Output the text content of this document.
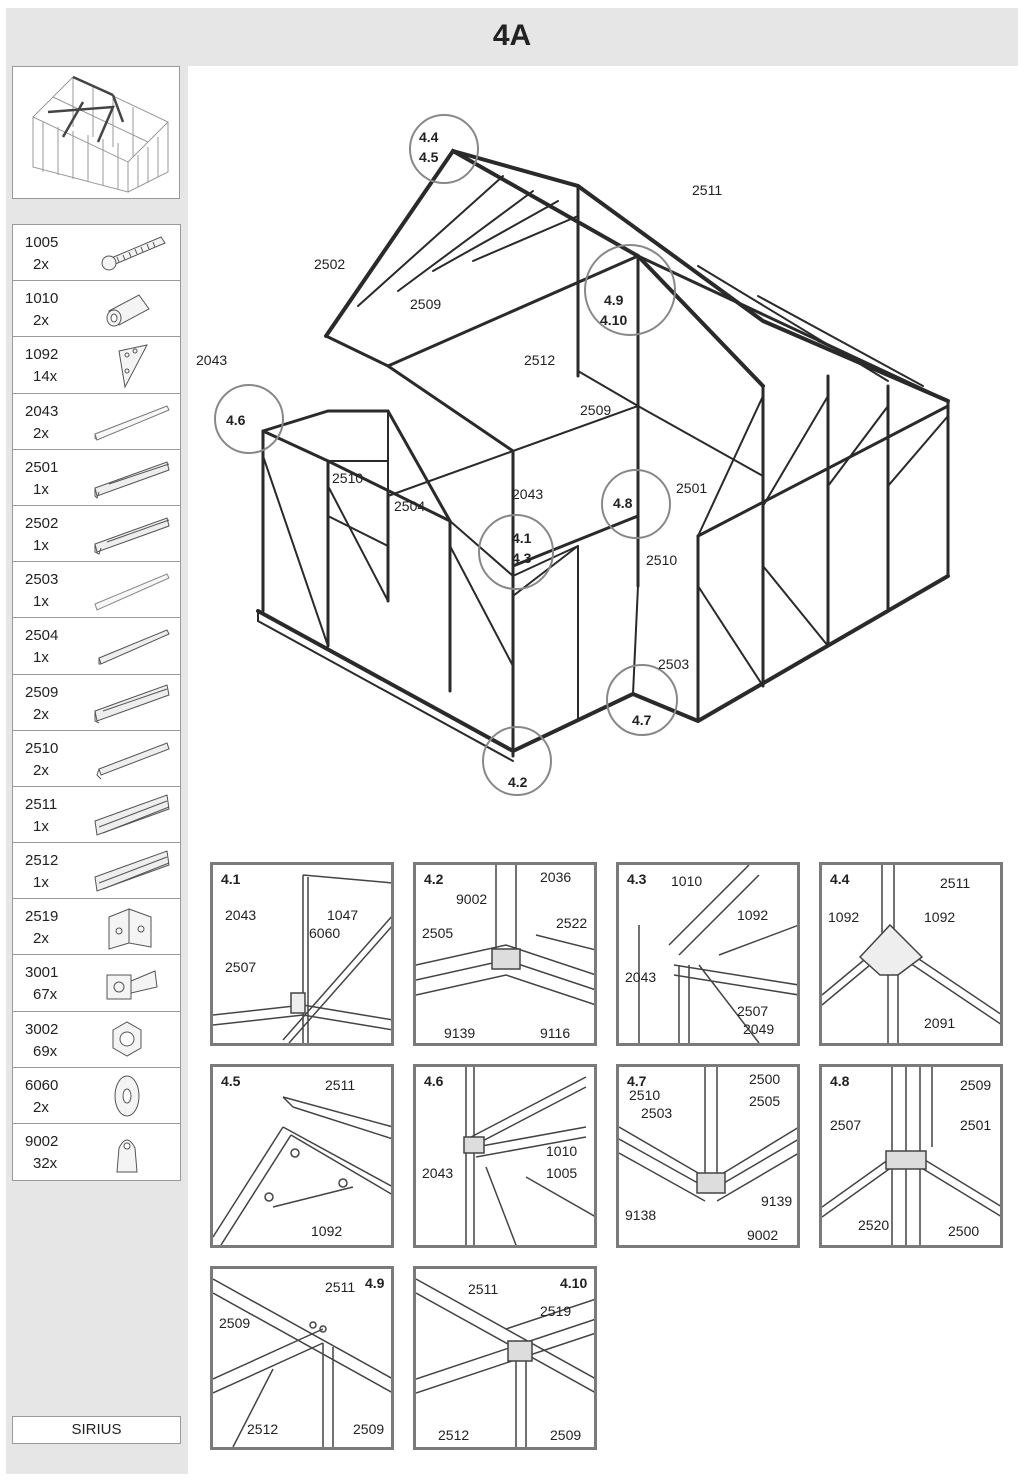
4A
1005
2x
1010
2x
1092
14x
2043
2x
2501
1x
2502
1x
2503
1x
2504
1x
2509
2x
2510
2x
2511
1x
2512
1x
2519
2x
3001
67x
3002
69x
6060
2x
9002
32x
SIRIUS
4.4
4.5
4.9
4.10
4.6
4.8
4.1
4.3
4.7
4.2
2511
2502
2509
2512
2043
2509
2510
2504
2043	2501
2510
2503
4.1
2043	1047
6060
2507
4.2	2036
9002
2505
2522
9139	9116
4.3 1010
1092
2043
2507
2049
4.4	2511
1092	1092
2091
4.5	2511
1092
4.6
2043
1010
1005
4.7
2510
2503
2500
2505
9138
9139
9002
4.8	2509
2507	2501
2520	2500
4.9
2511
2509
2512	2509
4.10
2511
2519
2512	2509
